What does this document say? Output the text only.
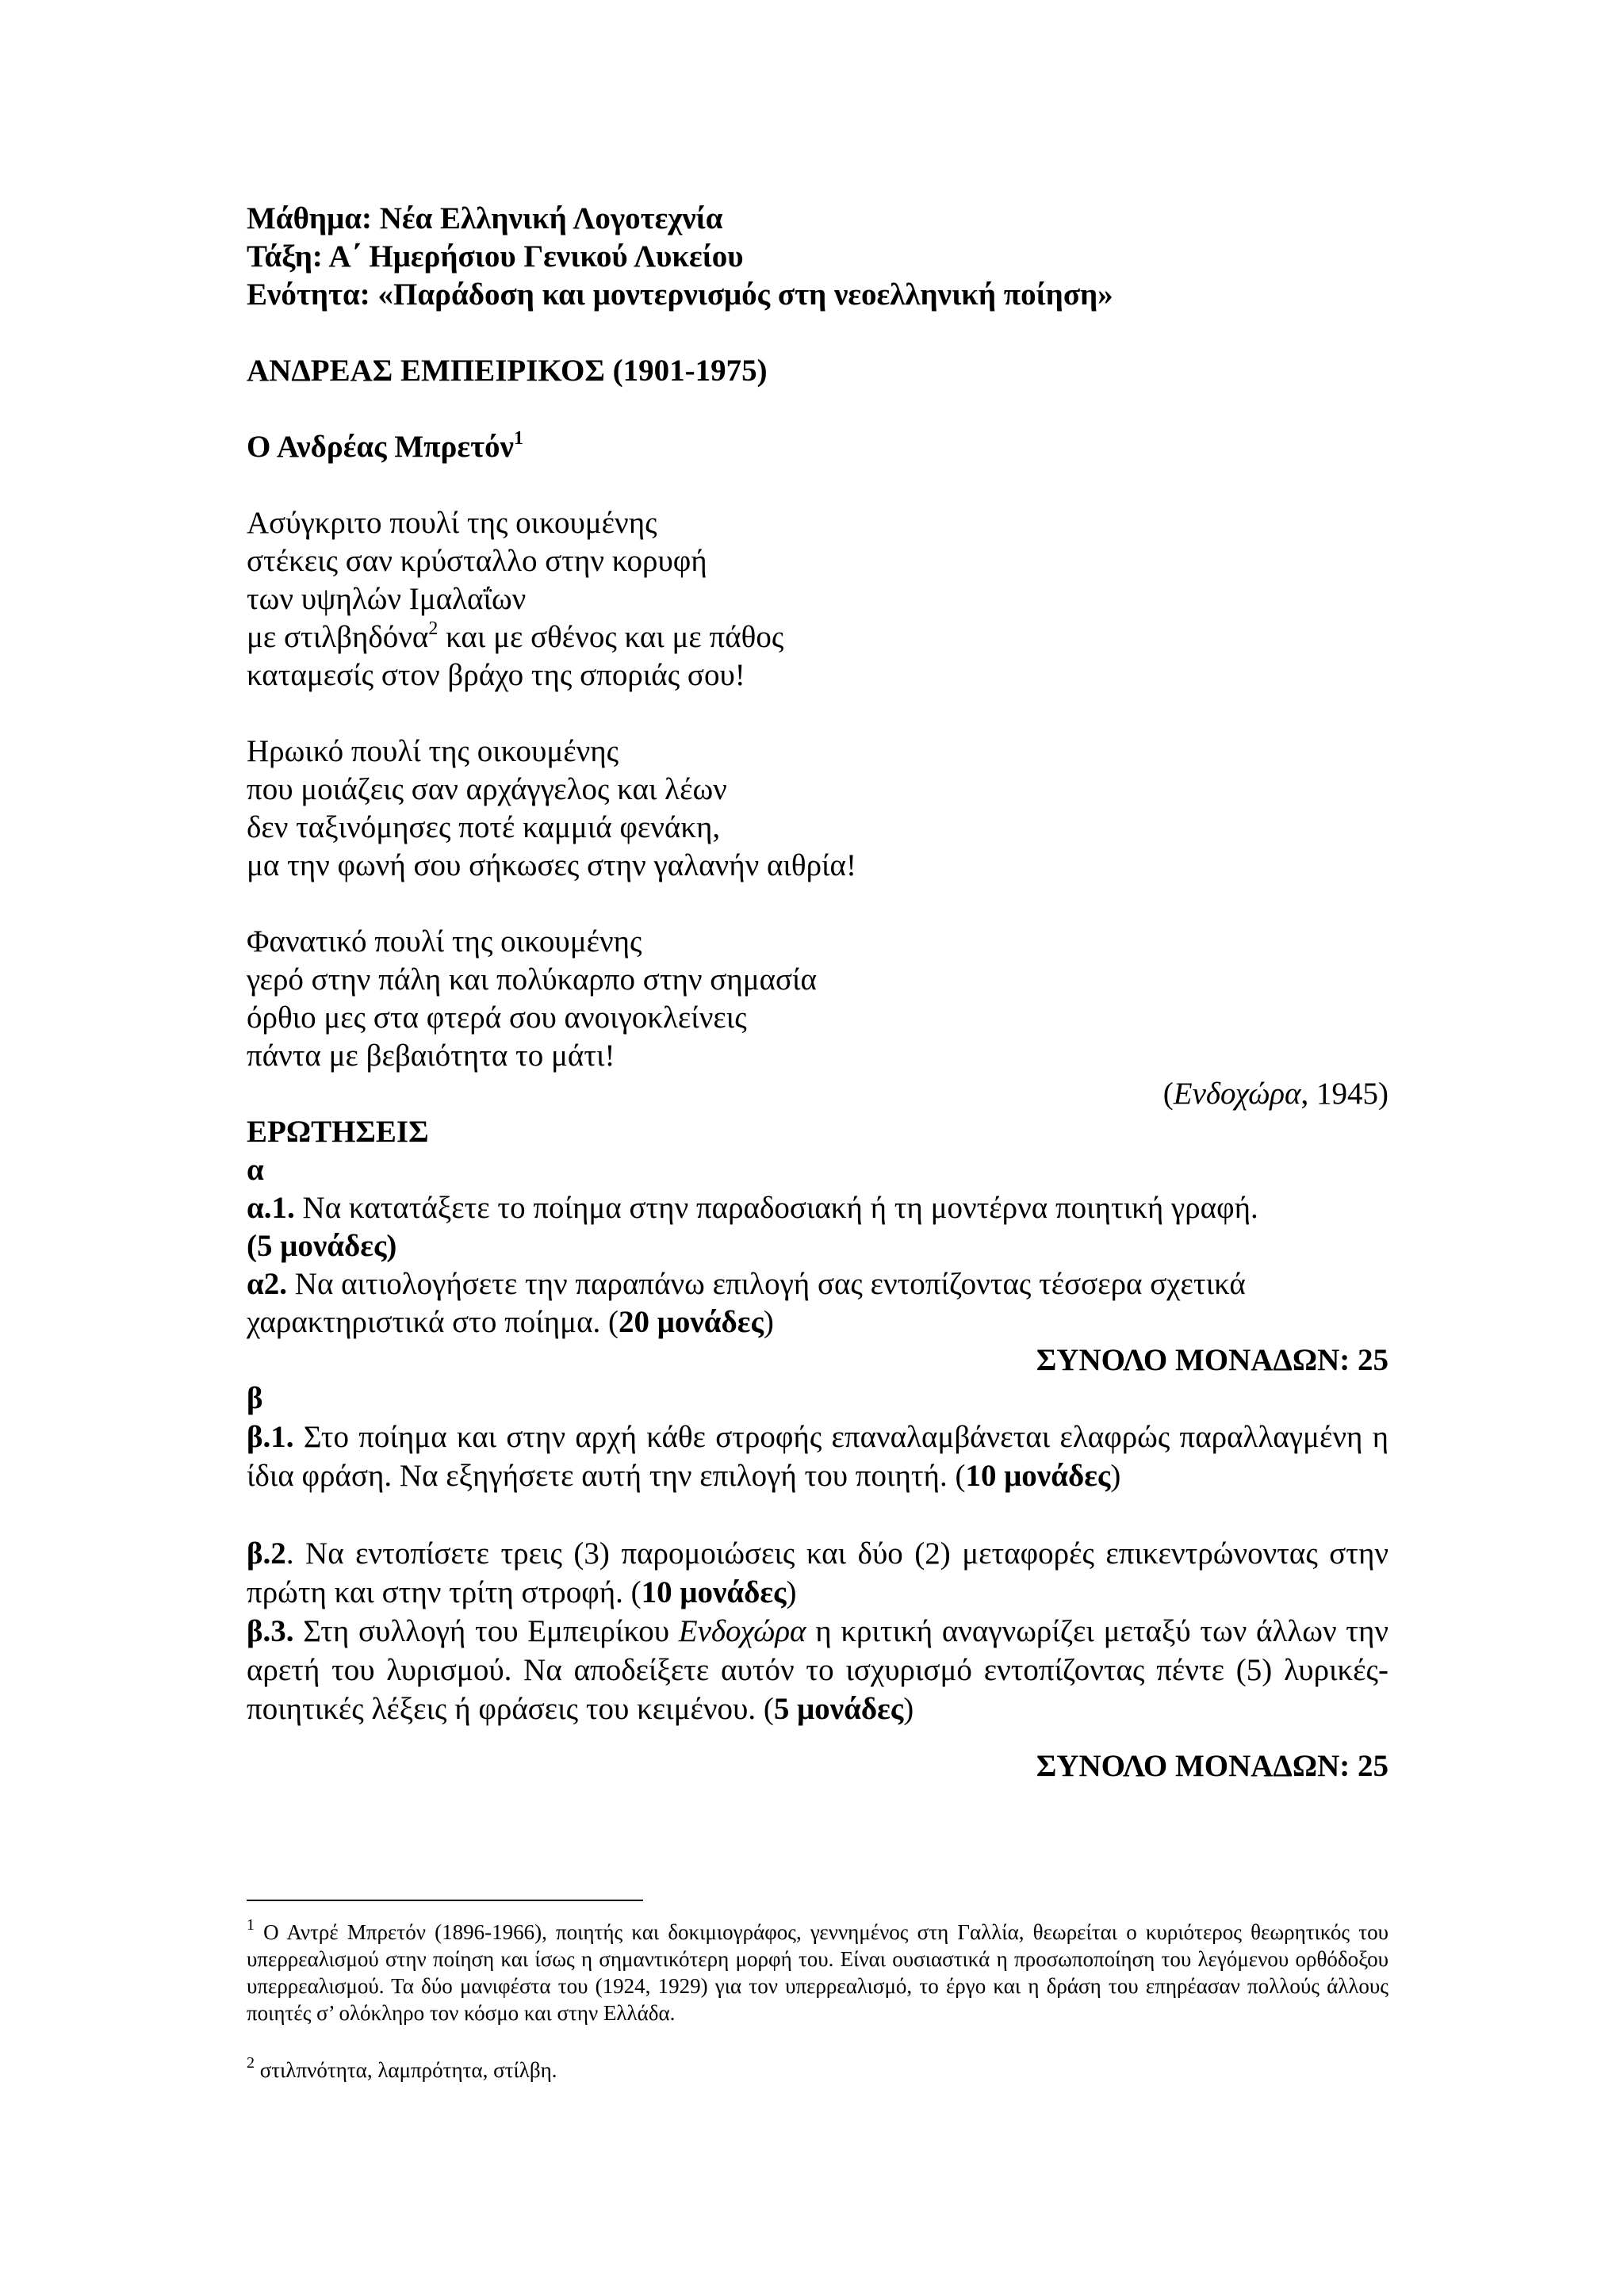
Μάθημα: Νέα Ελληνική Λογοτεχνία

Τάξη: Α΄ Ημερήσιου Γενικού Λυκείου

Ενότητα: «Παράδοση και μοντερνισμός στη νεοελληνική ποίηση»

ΑΝΔΡΕΑΣ ΕΜΠΕΙΡΙΚΟΣ (1901-1975)

Ο Ανδρέας Μπρετόν$^1$

Ασύγκριτο πουλί της οικουμένης

στέκεις σαν κρύσταλλο στην κορυφή

των υψηλών Ιμαλαΐων

με στιλβηδόνα$^2$ και με σθένος και με πάθος

καταμεσίς στον βράχο της σποριάς σου!

Ηρωικό πουλί της οικουμένης

που μοιάζεις σαν αρχάγγελος και λέων

δεν ταξινόμησες ποτέ καμμιά φενάκη,

μα την φωνή σου σήκωσες στην γαλανήν αιθρία!

Φανατικό πουλί της οικουμένης

γερό στην πάλη και πολύκαρπο στην σημασία

όρθιο μες στα φτερά σου ανοιγοκλείνεις

πάντα με βεβαιότητα το μάτι!

(Ενδοχώρα, 1945)

ΕΡΩΤΗΣΕΙΣ

α

α.1. Να κατατάξετε το ποίημα στην παραδοσιακή ή τη μοντέρνα ποιητική γραφή.

(5 μονάδες)

α2. Να αιτιολογήσετε την παραπάνω επιλογή σας εντοπίζοντας τέσσερα σχετικά

χαρακτηριστικά στο ποίημα. (20 μονάδες)

ΣΥΝΟΛΟ ΜΟΝΑΔΩΝ: 25

β

β.1. Στο ποίημα και στην αρχή κάθε στροφής επαναλαμβάνεται ελαφρώς παραλλαγμένη η ίδια φράση. Να εξηγήσετε αυτή την επιλογή του ποιητή. (10 μονάδες)

β.2. Να εντοπίσετε τρεις (3) παρομοιώσεις και δύο (2) μεταφορές επικεντρώνοντας στην πρώτη και στην τρίτη στροφή. (10 μονάδες)

β.3. Στη συλλογή του Εμπειρίκου Ενδοχώρα η κριτική αναγνωρίζει μεταξύ των άλλων την αρετή του λυρισμού. Να αποδείξετε αυτόν το ισχυρισμό εντοπίζοντας πέντε (5) λυρικές-ποιητικές λέξεις ή φράσεις του κειμένου. (5 μονάδες)

ΣΥΝΟΛΟ ΜΟΝΑΔΩΝ: 25

$^1$ Ο Αντρέ Μπρετόν (1896-1966), ποιητής και δοκιμιογράφος, γεννημένος στη Γαλλία, θεωρείται ο κυριότερος θεωρητικός του υπερρεαλισμού στην ποίηση και ίσως η σημαντικότερη μορφή του. Είναι ουσιαστικά η προσωποποίηση του λεγόμενου ορθόδοξου υπερρεαλισμού. Τα δύο μανιφέστα του (1924, 1929) για τον υπερρεαλισμό, το έργο και η δράση του επηρέασαν πολλούς άλλους ποιητές σ’ ολόκληρο τον κόσμο και στην Ελλάδα.

$^2$ στιλπνότητα, λαμπρότητα, στίλβη.
